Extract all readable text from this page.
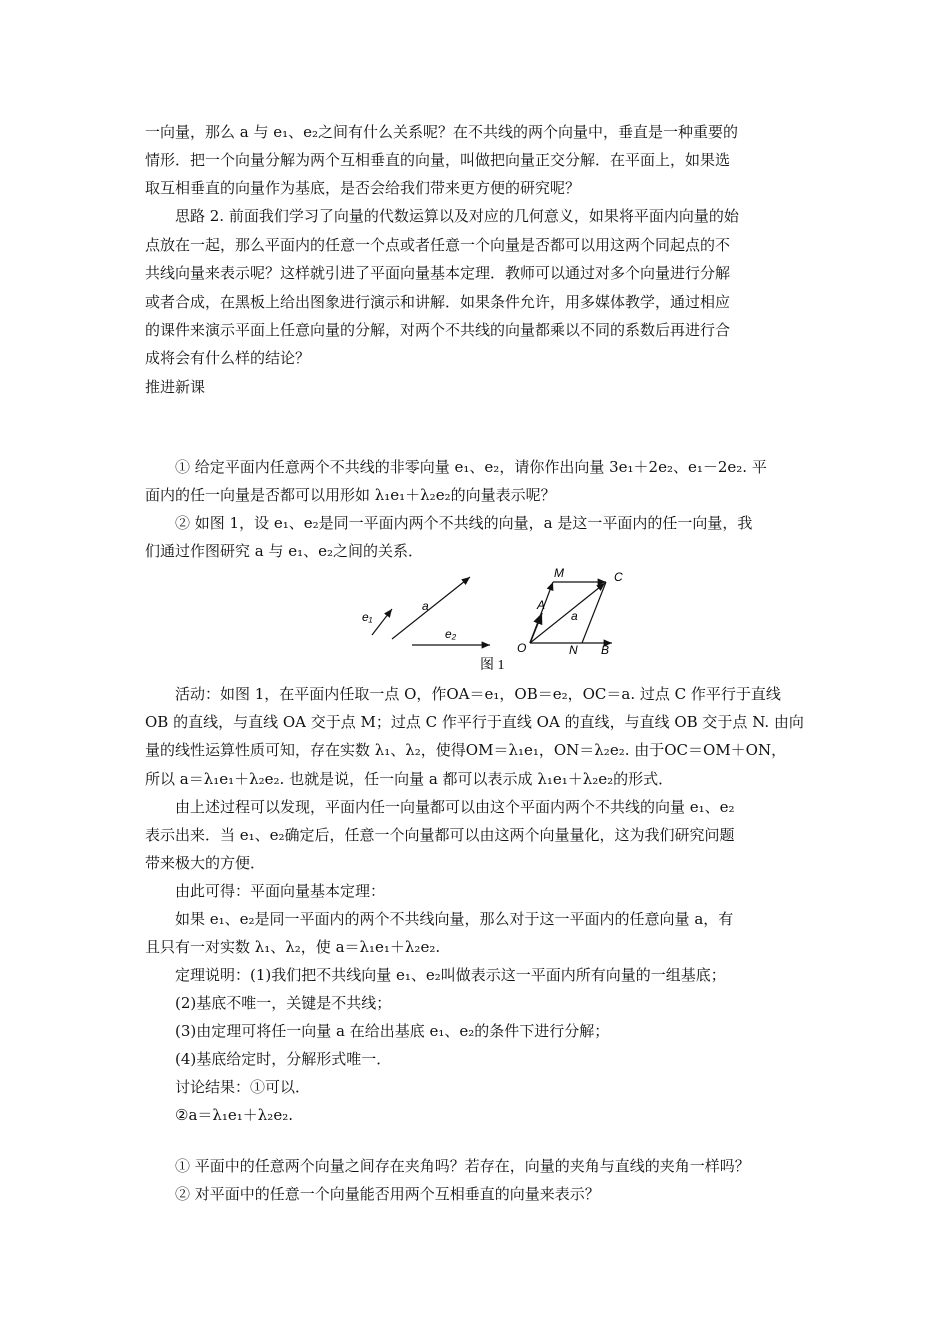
一向量，那么 a 与 e₁、e₂之间有什么关系呢？在不共线的两个向量中，垂直是一种重要的
情形．把一个向量分解为两个互相垂直的向量，叫做把向量正交分解．在平面上，如果选
取互相垂直的向量作为基底，是否会给我们带来更方便的研究呢？
思路 2. 前面我们学习了向量的代数运算以及对应的几何意义，如果将平面内向量的始
点放在一起，那么平面内的任意一个点或者任意一个向量是否都可以用这两个同起点的不
共线向量来表示呢？这样就引进了平面向量基本定理．教师可以通过对多个向量进行分解
或者合成，在黑板上给出图象进行演示和讲解．如果条件允许，用多媒体教学，通过相应
的课件来演示平面上任意向量的分解，对两个不共线的向量都乘以不同的系数后再进行合
成将会有什么样的结论？
推进新课
① 给定平面内任意两个不共线的非零向量 e₁、e₂，请你作出向量 3e₁＋2e₂、e₁－2e₂. 平
面内的任一向量是否都可以用形如 λ₁e₁＋λ₂e₂的向量表示呢？
② 如图 1，设 e₁、e₂是同一平面内两个不共线的向量，a 是这一平面内的任一向量，我
们通过作图研究 a 与 e₁、e₂之间的关系．
e₁
a
e₂
M	C
A
a
O	N B
图 1
活动：如图 1，在平面内任取一点 O，作OA＝e₁，OB＝e₂，OC＝a. 过点 C 作平行于直线
OB 的直线，与直线 OA 交于点 M；过点 C 作平行于直线 OA 的直线，与直线 OB 交于点 N. 由向
量的线性运算性质可知，存在实数 λ₁、λ₂，使得OM＝λ₁e₁，ON＝λ₂e₂. 由于OC＝OM＋ON，
所以 a＝λ₁e₁＋λ₂e₂. 也就是说，任一向量 a 都可以表示成 λ₁e₁＋λ₂e₂的形式．
由上述过程可以发现，平面内任一向量都可以由这个平面内两个不共线的向量 e₁、e₂
表示出来．当 e₁、e₂确定后，任意一个向量都可以由这两个向量量化，这为我们研究问题
带来极大的方便．
由此可得：平面向量基本定理：
如果 e₁、e₂是同一平面内的两个不共线向量，那么对于这一平面内的任意向量 a，有
且只有一对实数 λ₁、λ₂，使 a＝λ₁e₁＋λ₂e₂.
定理说明：(1)我们把不共线向量 e₁、e₂叫做表示这一平面内所有向量的一组基底；
(2)基底不唯一，关键是不共线；
(3)由定理可将任一向量 a 在给出基底 e₁、e₂的条件下进行分解；
(4)基底给定时，分解形式唯一．
讨论结果：①可以．
②a＝λ₁e₁＋λ₂e₂.
① 平面中的任意两个向量之间存在夹角吗？若存在，向量的夹角与直线的夹角一样吗？
② 对平面中的任意一个向量能否用两个互相垂直的向量来表示？
